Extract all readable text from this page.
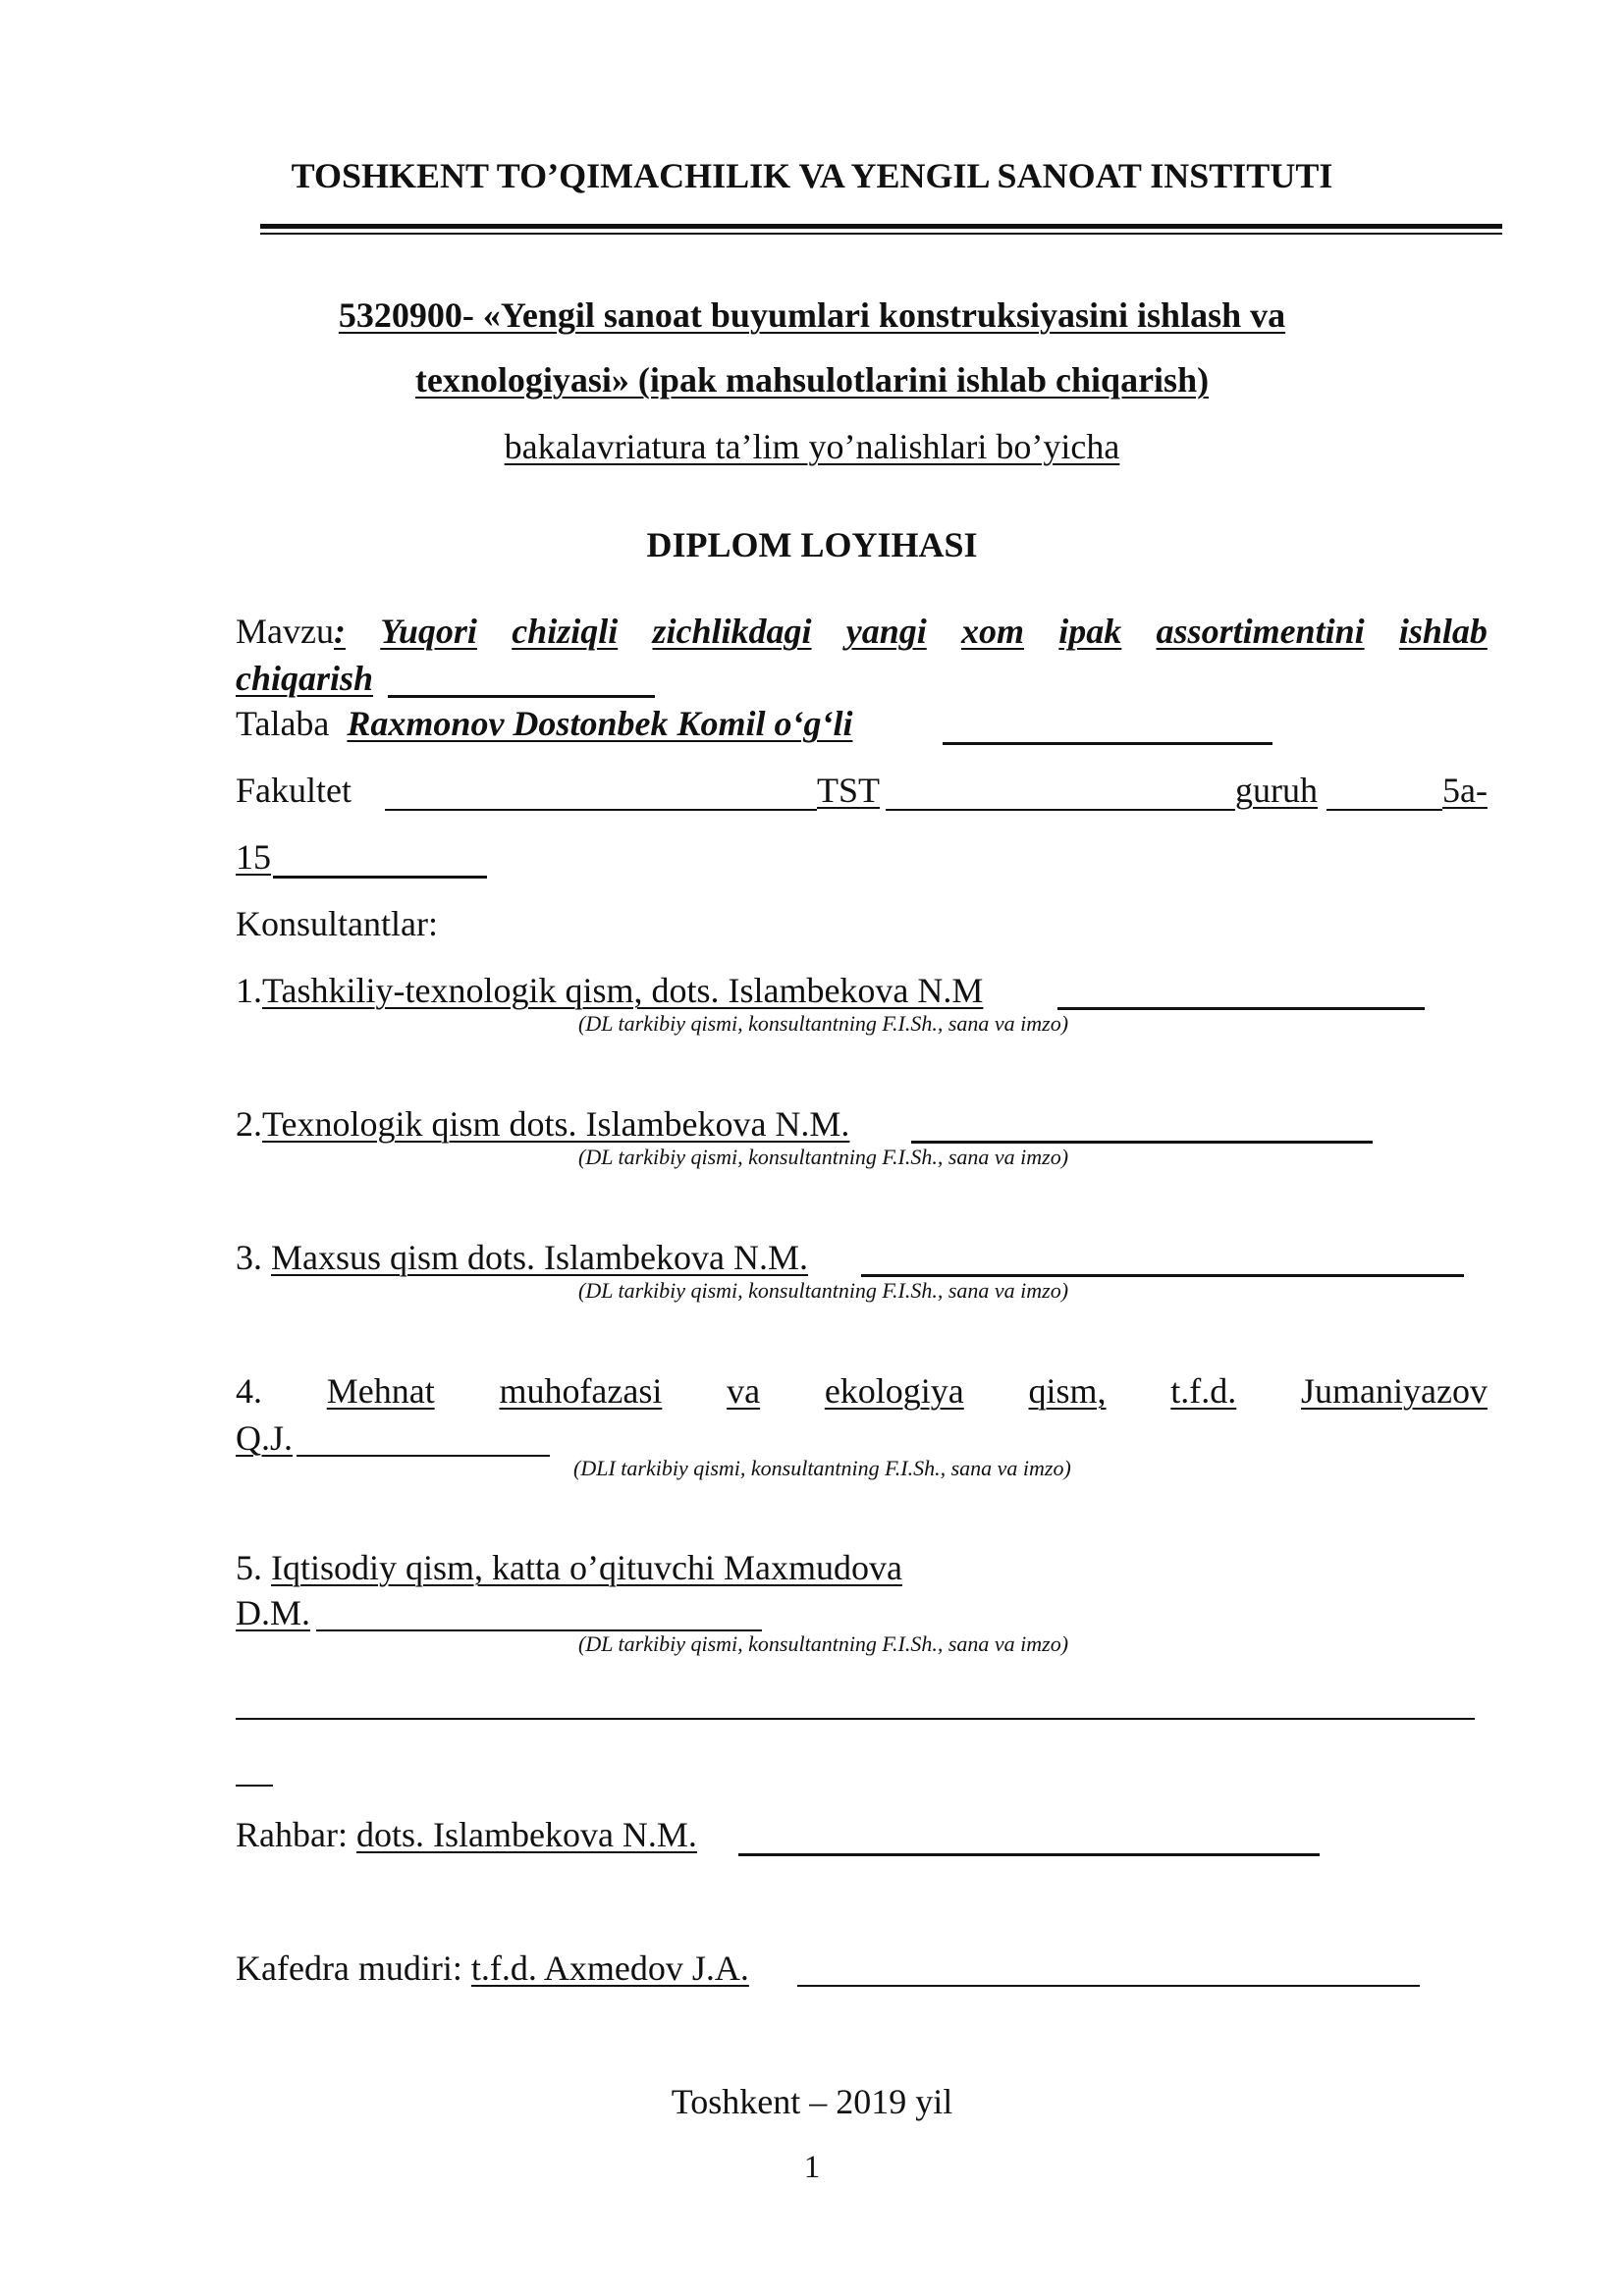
TOSHKENT TO’QIMACHILIK VA YENGIL SANOAT INSTITUTI
5320900- «Yengil sanoat buyumlari konstruksiyasini ishlash va
texnologiyasi» (ipak mahsulotlarini ishlab chiqarish)
bakalavriatura ta’lim yo’nalishlari bo’yicha
DIPLOM LOYIHASI
Mavzu: Yuqori chiziqli zichlikdagi yangi xom ipak assortimentini ishlab
chiqarish
Talaba Raxmonov Dostonbek Komil o‘g‘li
Fakultet	TST	guruh	5a-
15
Konsultantlar:
1.Tashkiliy-texnologik qism, dots. Islambekova N.M
(DL tarkibiy qismi, konsultantning F.I.Sh., sana va imzo)
2.Texnologik qism dots. Islambekova N.M.
(DL tarkibiy qismi, konsultantning F.I.Sh., sana va imzo)
3. Maxsus qism dots. Islambekova N.M.
(DL tarkibiy qismi, konsultantning F.I.Sh., sana va imzo)
4. Mehnat muhofazasi va ekologiya qism, t.f.d. Jumaniyazov
Q.J.
(DLI tarkibiy qismi, konsultantning F.I.Sh., sana va imzo)
5. Iqtisodiy qism, katta o’qituvchi Maxmudova
D.M.
(DL tarkibiy qismi, konsultantning F.I.Sh., sana va imzo)
Rahbar: dots. Islambekova N.M.
Kafedra mudiri: t.f.d. Axmedov J.A.
Toshkent – 2019 yil
1
